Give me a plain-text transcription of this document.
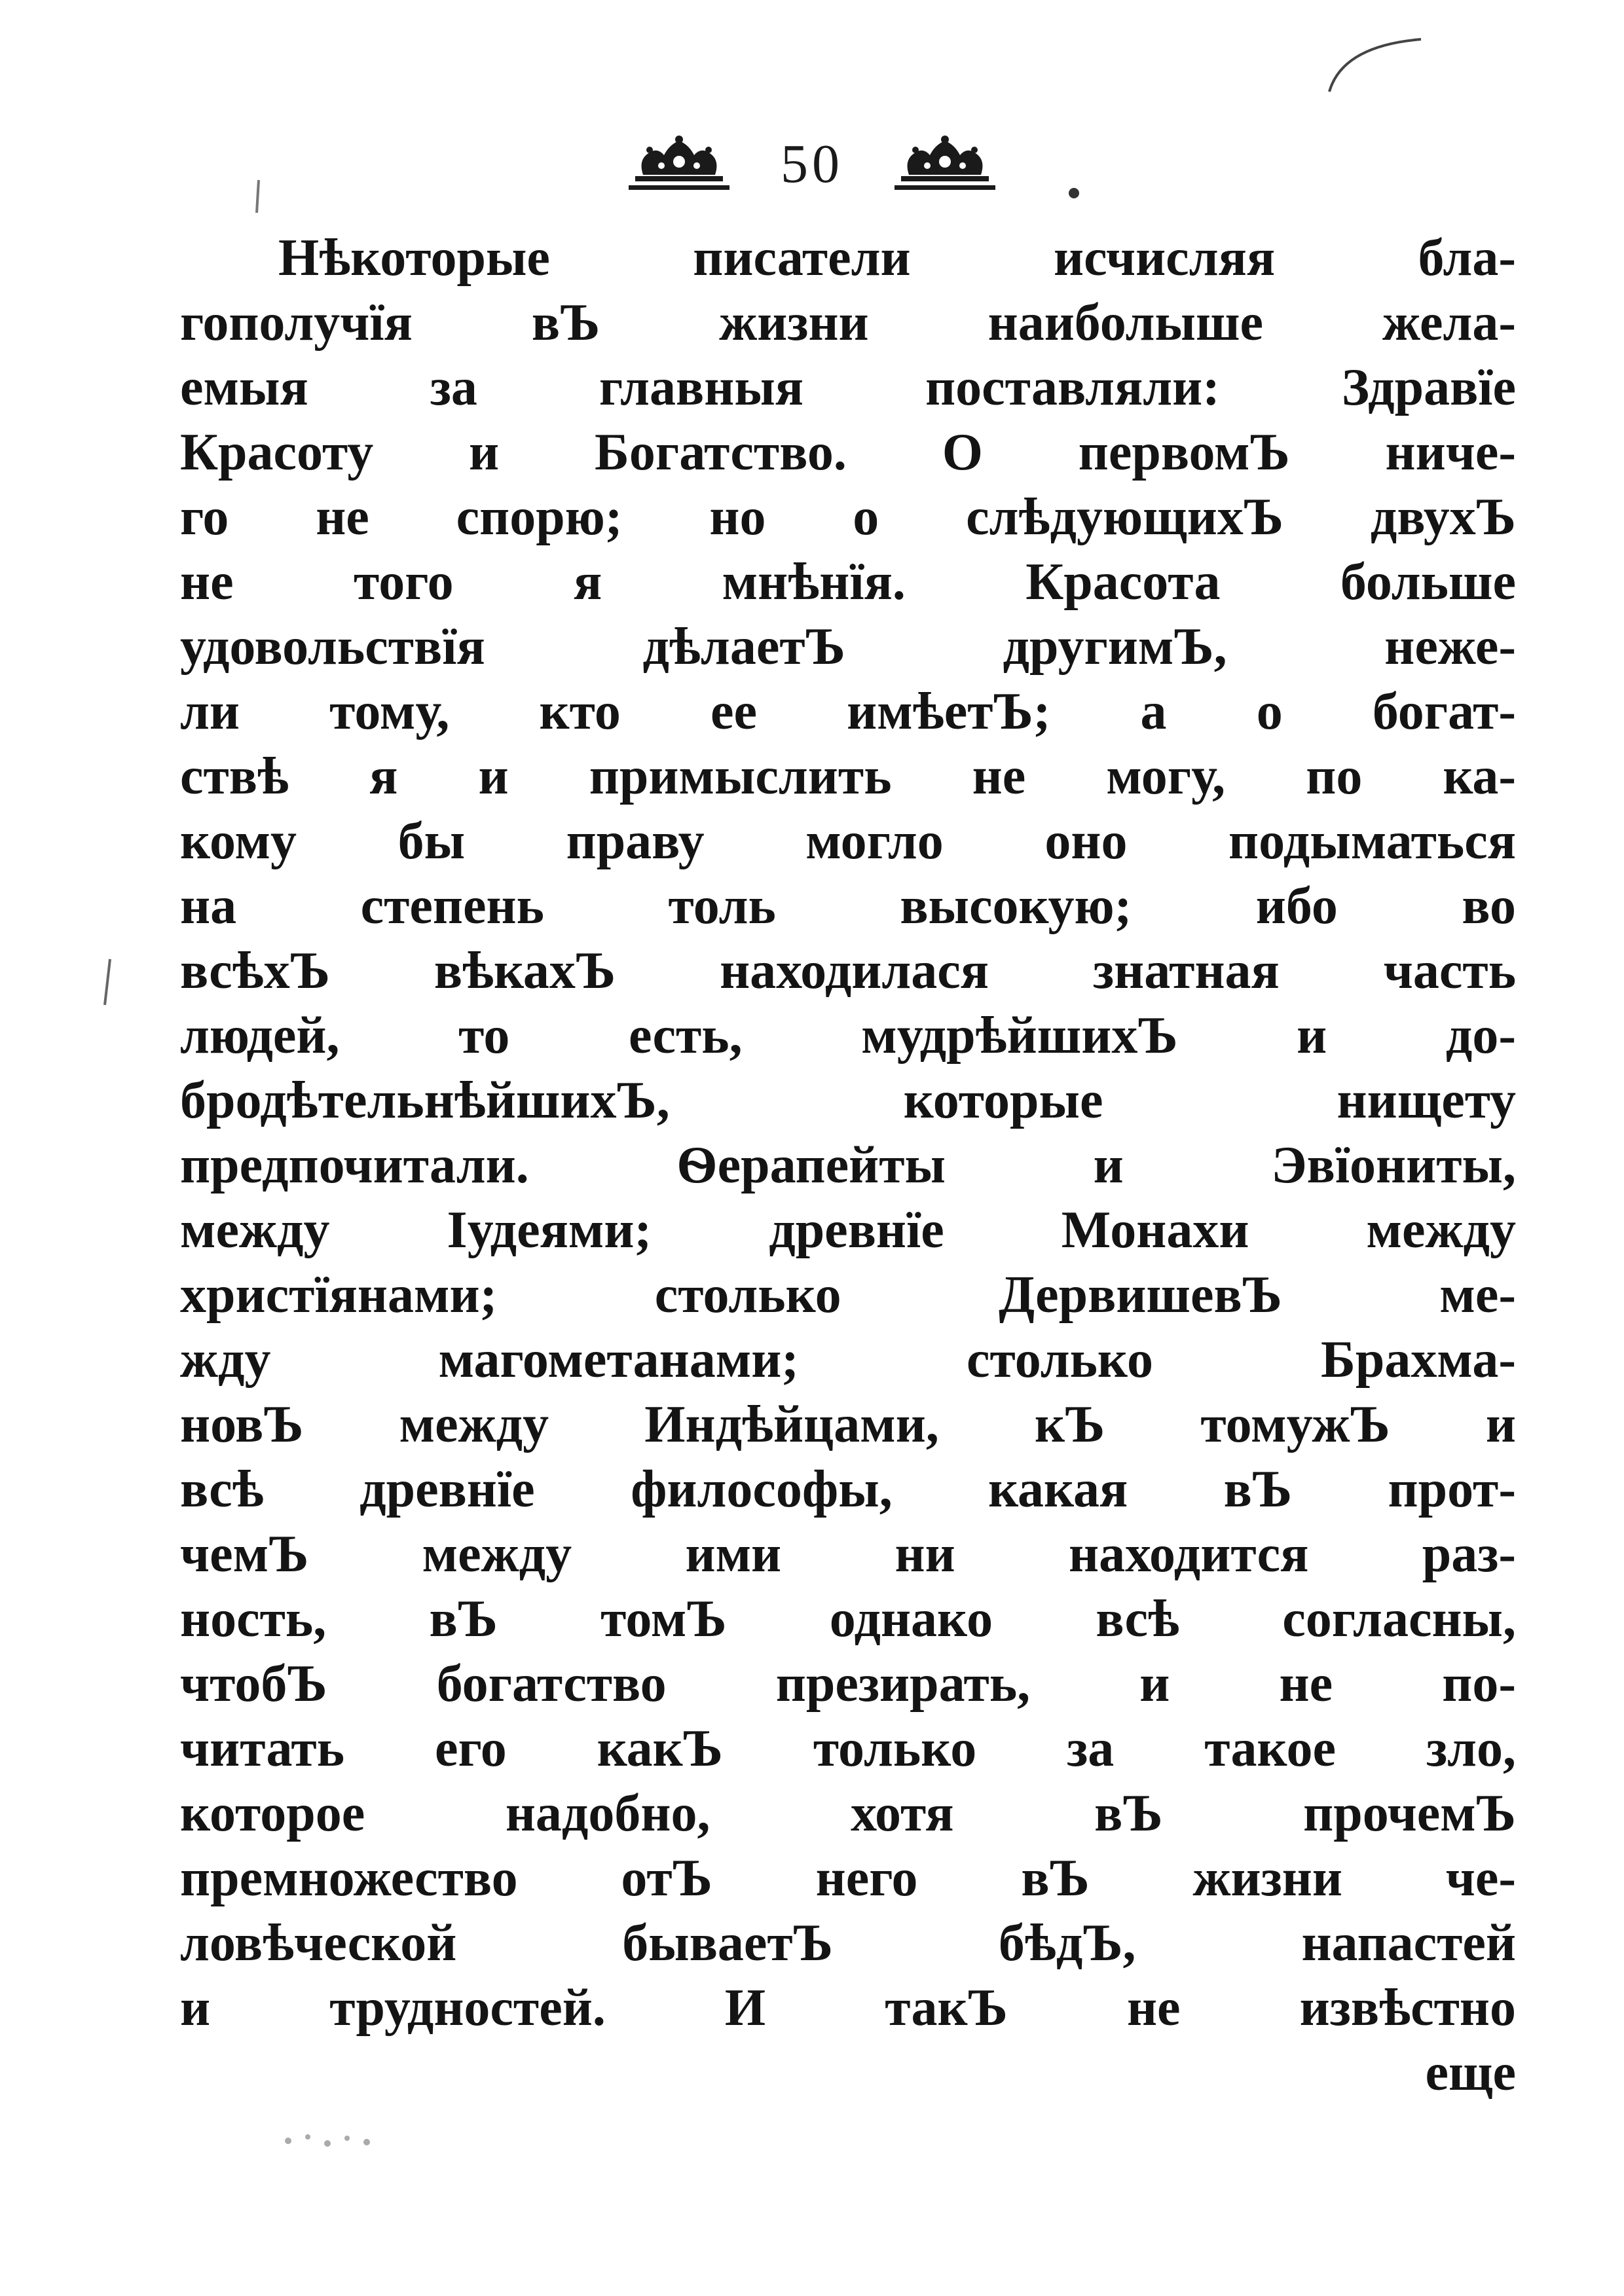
50
Нѣкоторые писатели исчисляя бла-
гополучїя вЪ жизни наиболыше жела-
емыя за главныя поставляли: Здравїе
Красоту и Богатство. О первомЪ ниче-
го не спорю; но о слѣдующихЪ двухЪ
не того я мнѣнїя. Красота больше
удовольствїя дѣлаетЪ другимЪ, неже-
ли тому, кто ее имѣетЪ; а о богат-
ствѣ я и примыслить не могу, по ка-
кому бы праву могло оно подыматься
на степень толь высокую; ибо во
всѣхЪ вѣкахЪ находилася знатная часть
людей, то есть, мудрѣйшихЪ и до-
бродѣтельнѣйшихЪ, которые нищету
предпочитали. Ѳерапейты и Эвїониты,
между Іудеями; древнїе Монахи между
христїянами; столько ДервишевЪ ме-
жду магометанами; столько Брахма-
новЪ между Индѣйцами, кЪ томужЪ и
всѣ древнїе философы, какая вЪ прот-
чемЪ между ими ни находится раз-
ность, вЪ томЪ однако всѣ согласны,
чтобЪ богатство презирать, и не по-
читать его какЪ только за такое зло,
которое надобно, хотя вЪ прочемЪ
премножество отЪ него вЪ жизни че-
ловѣческой бываетЪ бѣдЪ, напастей
и трудностей. И такЪ не извѣстно
еще
